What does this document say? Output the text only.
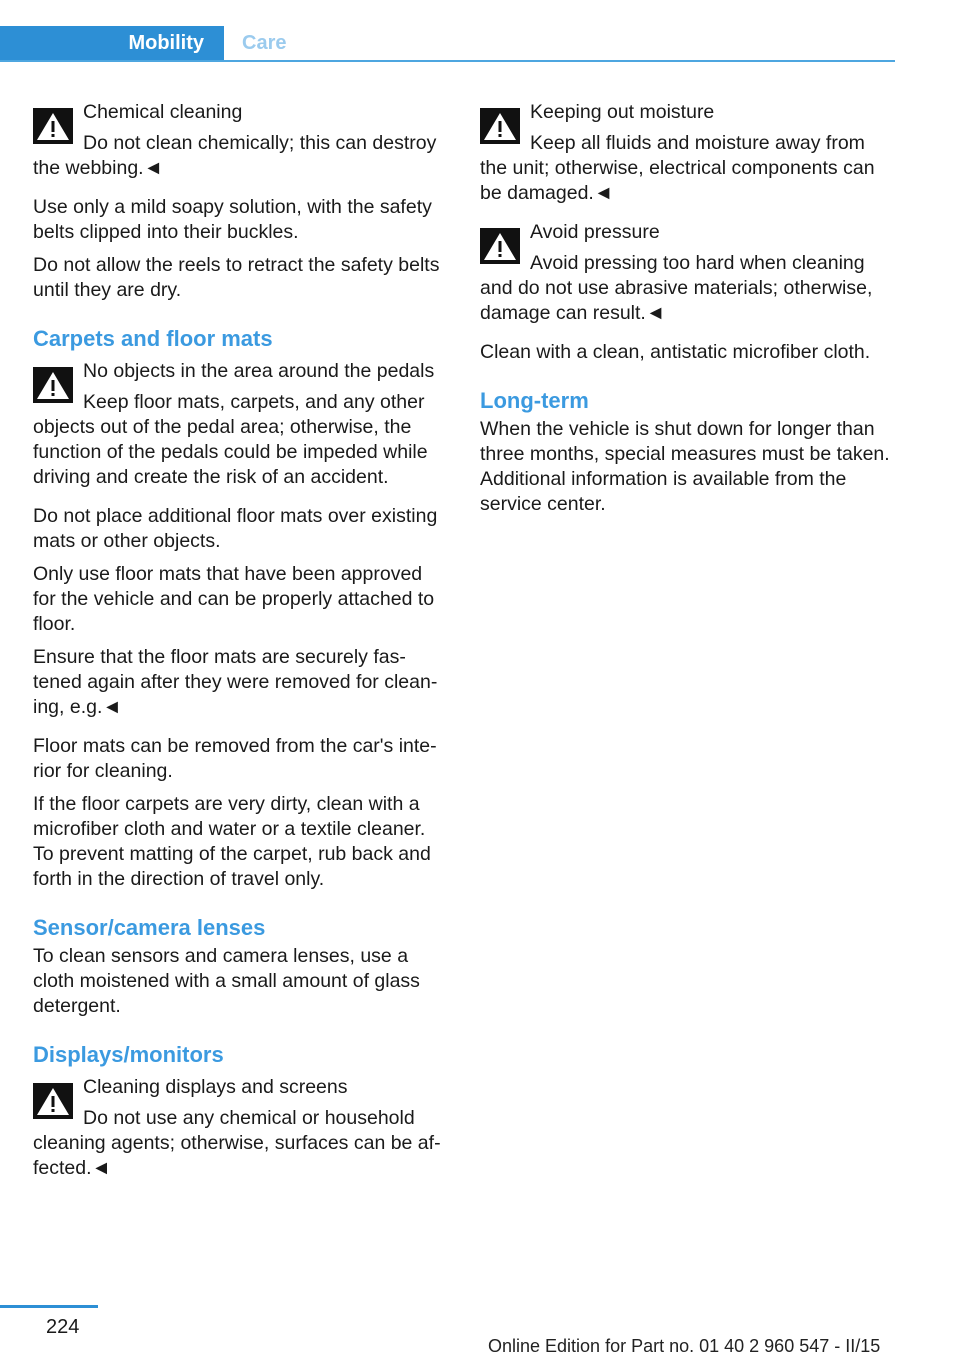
Mobility	Care

Chemical cleaning

Do not clean chemically; this can destroy the webbing.◄

Use only a mild soapy solution, with the safety belts clipped into their buckles.

Do not allow the reels to retract the safety belts until they are dry.

Carpets and floor mats

No objects in the area around the pedals

Keep floor mats, carpets, and any other objects out of the pedal area; otherwise, the function of the pedals could be impeded while driving and create the risk of an accident.

Do not place additional floor mats over existing mats or other objects.

Only use floor mats that have been approved for the vehicle and can be properly attached to floor.

Ensure that the floor mats are securely fas-tened again after they were removed for clean-ing, e.g.◄

Floor mats can be removed from the car's inte-rior for cleaning.

If the floor carpets are very dirty, clean with a microfiber cloth and water or a textile cleaner. To prevent matting of the carpet, rub back and forth in the direction of travel only.

Sensor/camera lenses

To clean sensors and camera lenses, use a cloth moistened with a small amount of glass detergent.

Displays/monitors

Cleaning displays and screens

Do not use any chemical or household cleaning agents; otherwise, surfaces can be af-fected.◄

Keeping out moisture

Keep all fluids and moisture away from the unit; otherwise, electrical components can be damaged.◄

Avoid pressure

Avoid pressing too hard when cleaning and do not use abrasive materials; otherwise, damage can result.◄

Clean with a clean, antistatic microfiber cloth.

Long-term

When the vehicle is shut down for longer than three months, special measures must be taken. Additional information is available from the service center.

224
Online Edition for Part no. 01 40 2 960 547 - II/15
